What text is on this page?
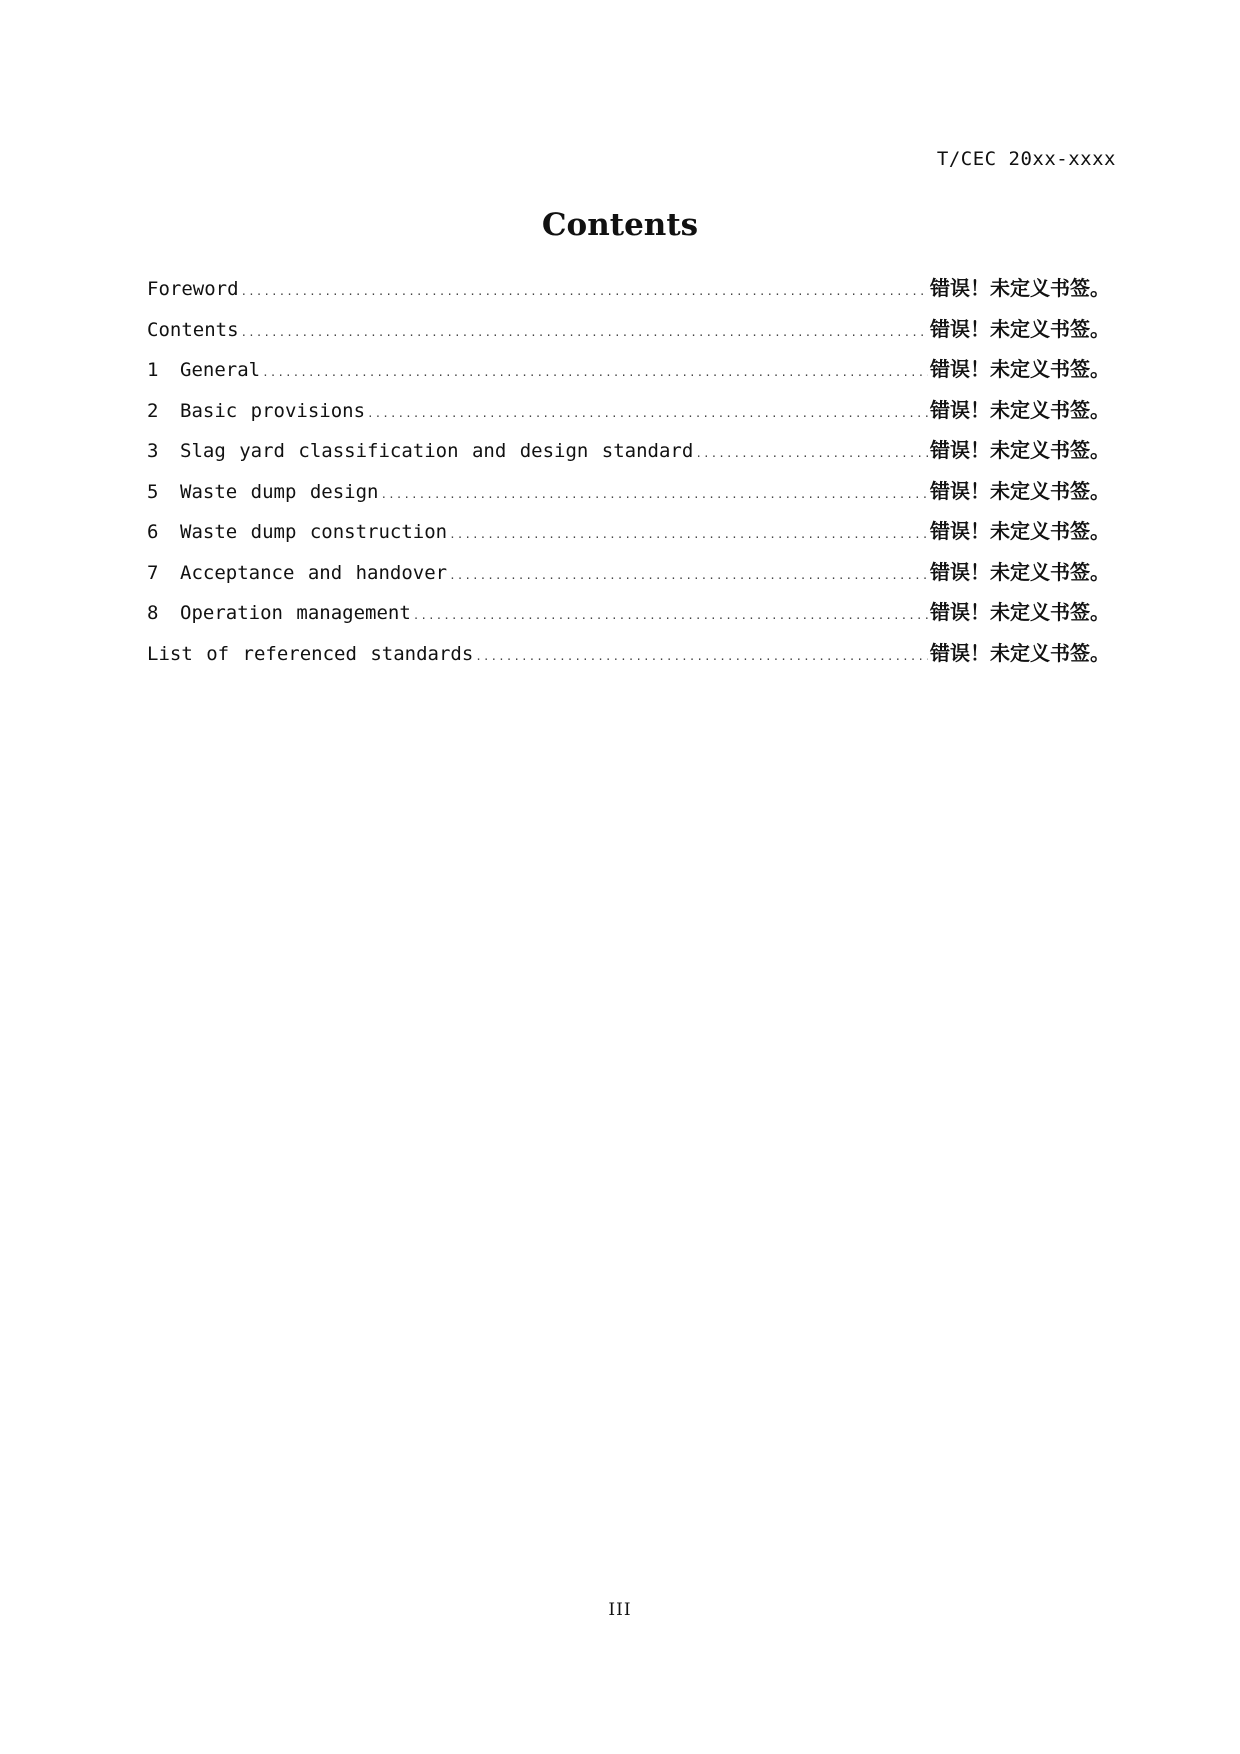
T/CEC 20xx-xxxx
Contents
Foreword .....	错误！未定义书签。
Contents .....	错误！未定义书签。
1	General .....	错误！未定义书签。
2	Basic provisions .....	错误！未定义书签。
3	Slag yard classification and design standard .....	错误！未定义书签。
5	Waste dump design .....	错误！未定义书签。
6	Waste dump construction .....	错误！未定义书签。
7	Acceptance and handover .....	错误！未定义书签。
8	Operation management .....	错误！未定义书签。
List of referenced standards .....	错误！未定义书签。
III
